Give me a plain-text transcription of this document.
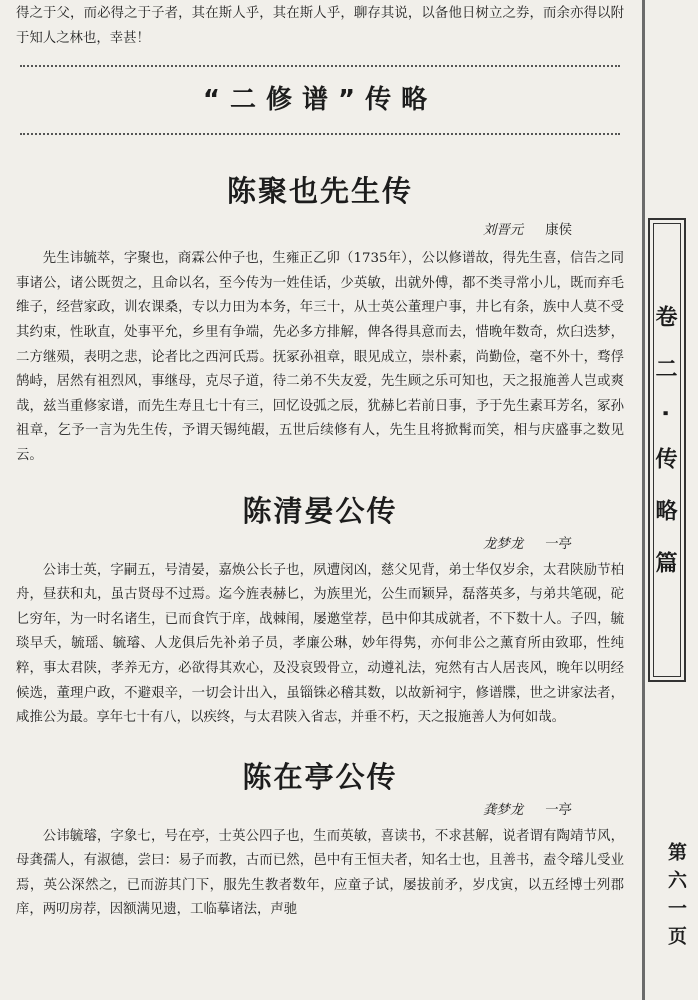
得之于父，而必得之于子者，其在斯人乎，其在斯人乎，聊存其说，以备他日树立之券，而余亦得以附于知人之林也，幸甚！

“二修谱”传略
陈聚也先生传
刘晋元 康侯

先生讳毓萃，字聚也，商霖公仲子也，生雍正乙卯（1735年），公以修谱故，得先生喜，信告之同事诸公，诸公既贺之，且命以名，至今传为一姓佳话，少英敏，出就外傅，都不类寻常小儿，既而弃毛维子，经营家政，训农课桑，专以力田为本务，年三十，从士英公董理户事，井匕有条，族中人莫不受其约束，性耿直，处事平允，乡里有争端，先必多方排解，俾各得具意而去，惜晚年数奇，炊臼迭梦，二方继殒，表明之悲，论者比之西河氏焉。抚冢孙祖章，眼见成立，崇朴素，尚勤俭，毫不外十，骛俘鹄峙，居然有祖烈风，事继母，克尽子道，待二弟不失友爱，先生顾之乐可知也，天之报施善人岂或爽哉，兹当重修家谱，而先生寿且七十有三，回忆设弧之辰，犹赫匕若前日事，予于先生素耳芳名，冢孙祖章，乞予一言为先生传，予谓天锡纯嘏，五世后续修有人，先生且将掀髯而笑，相与庆盛事之数见云。

陈清晏公传
龙梦龙 一亭

公讳士英，字嗣五，号清晏，嘉焕公长子也，夙遭闵凶，慈父见背，弟士华仅岁余，太君陕励节柏舟，昼获和丸，虽古贤母不过焉。迄今旌表赫匕，为族里光，公生而颖异，磊落英多，与弟共笔砚，砣匕穷年，为一时名诸生，已而食饩于庠，战棘闱，屡邀堂荐，邑中仰其成就者，不下数十人。子四，毓琰早夭，毓瑶、毓璿、人龙俱后先补弟子员，孝廉公琳，妙年得隽，亦何非公之薰育所由致耶，性纯粹，事太君陕，孝养无方，必欲得其欢心，及没哀毁骨立，动遵礼法，宛然有古人居丧风，晚年以明经候选，董理户政，不避艰辛，一切会计出入，虽锱铢必稽其数，以故新祠宇，修谱牒，世之讲家法者，咸推公为最。享年七十有八，以疾终，与太君陕入省志，并垂不朽，天之报施善人为何如哉。

陈在亭公传
龚梦龙 一亭

公讳毓璿，字象七，号在亭，士英公四子也，生而英敏，喜读书，不求甚解，说者谓有陶靖节风，母龚孺人，有淑德，尝曰：易子而教，古而已然，邑中有王恒夫者，知名士也，且善书，盍令璿儿受业焉，英公深然之，已而游其门下，服先生教者数年，应童子试，屡拔前矛，岁戊寅，以五经博士列郡庠，两叨房荐，因额满见遗，工临摹诸法，声驰

卷二·传略篇
第六一页
